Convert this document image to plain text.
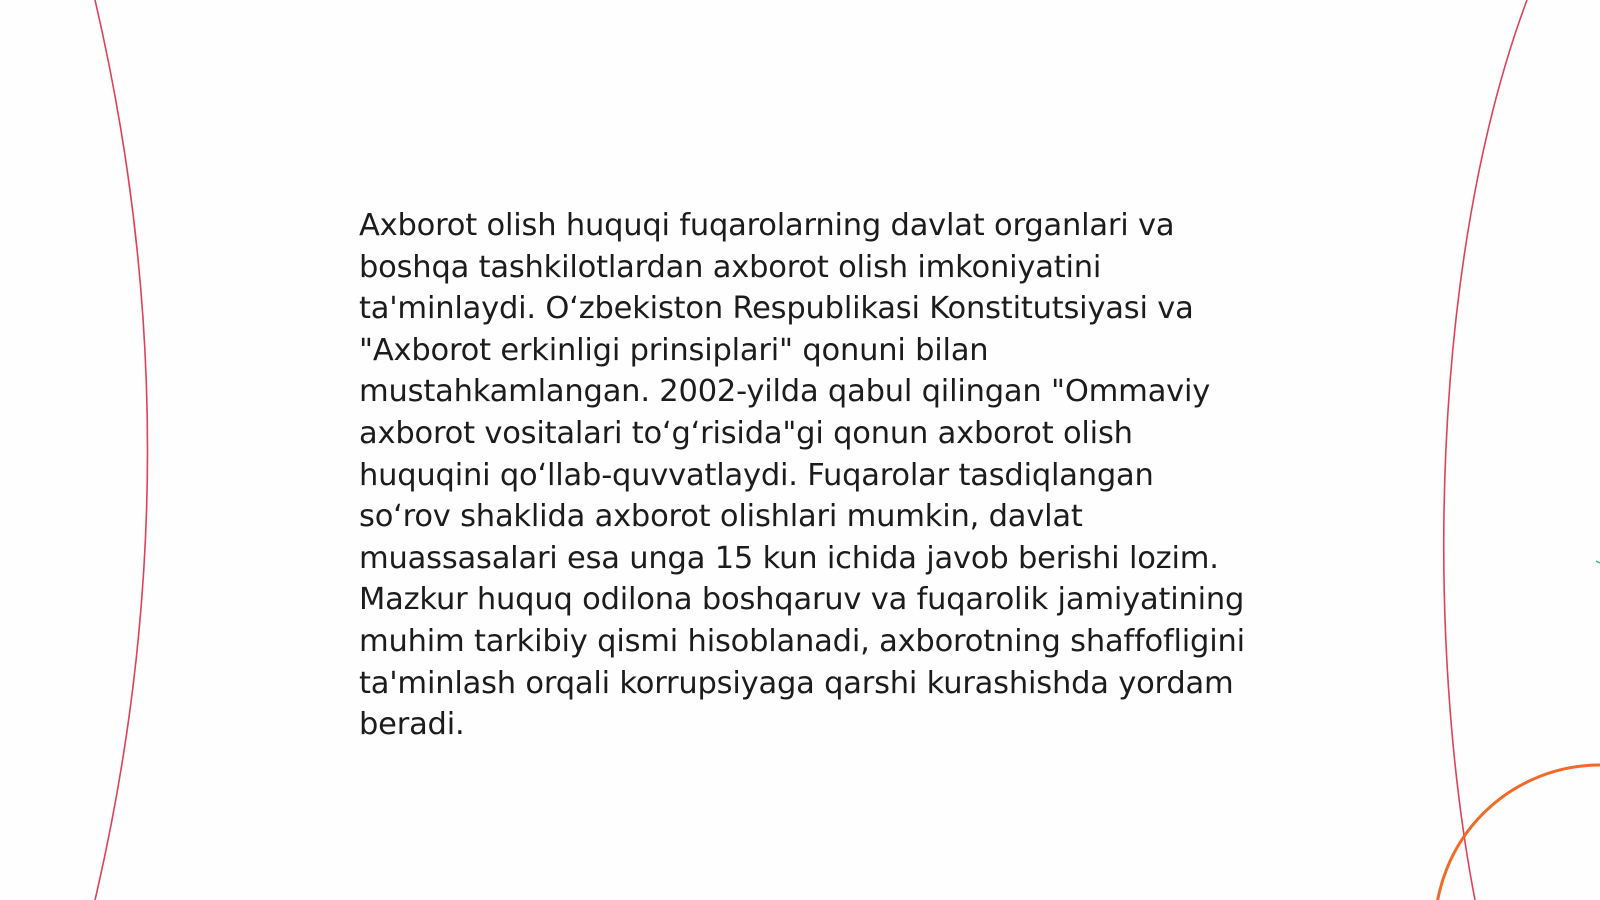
Axborot olish huquqi fuqarolarning davlat organlari va boshqa tashkilotlardan axborot olish imkoniyatini ta'minlaydi. O‘zbekiston Respublikasi Konstitutsiyasi va "Axborot erkinligi prinsiplari" qonuni bilan mustahkamlangan. 2002-yilda qabul qilingan "Ommaviy axborot vositalari to‘g‘risida"gi qonun axborot olish huquqini qo‘llab-quvvatlaydi. Fuqarolar tasdiqlangan so‘rov shaklida axborot olishlari mumkin, davlat muassasalari esa unga 15 kun ichida javob berishi lozim. Mazkur huquq odilona boshqaruv va fuqarolik jamiyatining muhim tarkibiy qismi hisoblanadi, axborotning shaffofligini ta'minlash orqali korrupsiyaga qarshi kurashishda yordam beradi.
